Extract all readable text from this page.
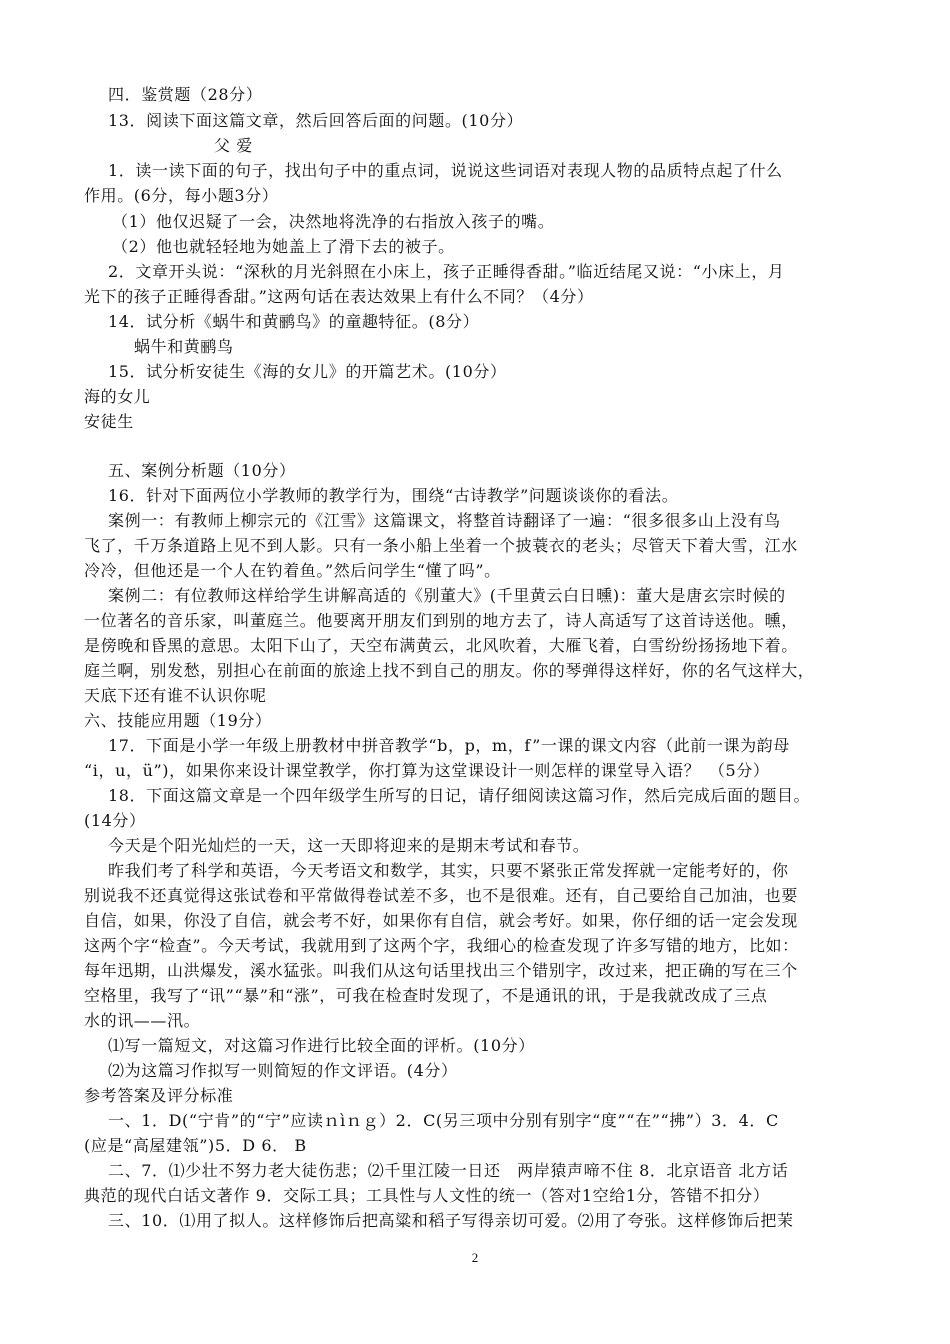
四．鉴赏题（28分）
13．阅读下面这篇文章，然后回答后面的问题。(10分）
父 爱
1．读一读下面的句子，找出句子中的重点词，说说这些词语对表现人物的品质特点起了什么
作用。(6分，每小题3分）
（1）他仅迟疑了一会，决然地将洗净的右指放入孩子的嘴。
（2）他也就轻轻地为她盖上了滑下去的被子。
2．文章开头说：“深秋的月光斜照在小床上，孩子正睡得香甜。”临近结尾又说：“小床上，月
光下的孩子正睡得香甜。”这两句话在表达效果上有什么不同？（4分）
14．试分析《蜗牛和黄鹂鸟》的童趣特征。(8分）
蜗牛和黄鹂鸟
15．试分析安徒生《海的女儿》的开篇艺术。(10分）
海的女儿
安徒生
五、案例分析题（10分）
16．针对下面两位小学教师的教学行为，围绕“古诗教学”问题谈谈你的看法。
案例一：有教师上柳宗元的《江雪》这篇课文，将整首诗翻译了一遍：“很多很多山上没有鸟
飞了，千万条道路上见不到人影。只有一条小船上坐着一个披蓑衣的老头；尽管天下着大雪，江水
冷冷，但他还是一个人在钓着鱼。”然后问学生“懂了吗”。
案例二：有位教师这样给学生讲解高适的《别董大》(千里黄云白日曛)：董大是唐玄宗时候的
一位著名的音乐家，叫董庭兰。他要离开朋友们到别的地方去了，诗人高适写了这首诗送他。曛，
是傍晚和昏黑的意思。太阳下山了，天空布满黄云，北风吹着，大雁飞着，白雪纷纷扬扬地下着。
庭兰啊，别发愁，别担心在前面的旅途上找不到自己的朋友。你的琴弹得这样好，你的名气这样大，
天底下还有谁不认识你呢
六、技能应用题（19分）
17．下面是小学一年级上册教材中拼音教学“b，p，m，f”一课的课文内容（此前一课为韵母
“i，u，ü”)，如果你来设计课堂教学，你打算为这堂课设计一则怎样的课堂导入语？　（5分）
18．下面这篇文章是一个四年级学生所写的日记，请仔细阅读这篇习作，然后完成后面的题目。
(14分）
今天是个阳光灿烂的一天，这一天即将迎来的是期末考试和春节。
昨我们考了科学和英语，今天考语文和数学，其实，只要不紧张正常发挥就一定能考好的，你
别说我不还真觉得这张试卷和平常做得卷试差不多，也不是很难。还有，自己要给自己加油，也要
自信，如果，你没了自信，就会考不好，如果你有自信，就会考好。如果，你仔细的话一定会发现
这两个字“检查”。今天考试，我就用到了这两个字，我细心的检查发现了许多写错的地方，比如：
每年迅期，山洪爆发，溪水猛张。叫我们从这句话里找出三个错别字，改过来，把正确的写在三个
空格里，我写了“讯”“暴”和“涨”，可我在检查时发现了，不是通讯的讯，于是我就改成了三点
水的讯——汛。
⑴写一篇短文，对这篇习作进行比较全面的评析。(10分）
⑵为这篇习作拟写一则简短的作文评语。(4分）
参考答案及评分标准
一、1．D(“宁肯”的“宁”应读ｎìｎｇ）2．C(另三项中分别有别字“度”“在”“拂”）3．4．C
(应是“高屋建瓴”)5．D 6． B
二、7．⑴少壮不努力老大徒伤悲；⑵千里江陵一日还　两岸猿声啼不住 8．北京语音 北方话
典范的现代白话文著作 9．交际工具；工具性与人文性的统一（答对1空给1分，答错不扣分）
三、10．⑴用了拟人。这样修饰后把高粱和稻子写得亲切可爱。⑵用了夸张。这样修饰后把茉
2
